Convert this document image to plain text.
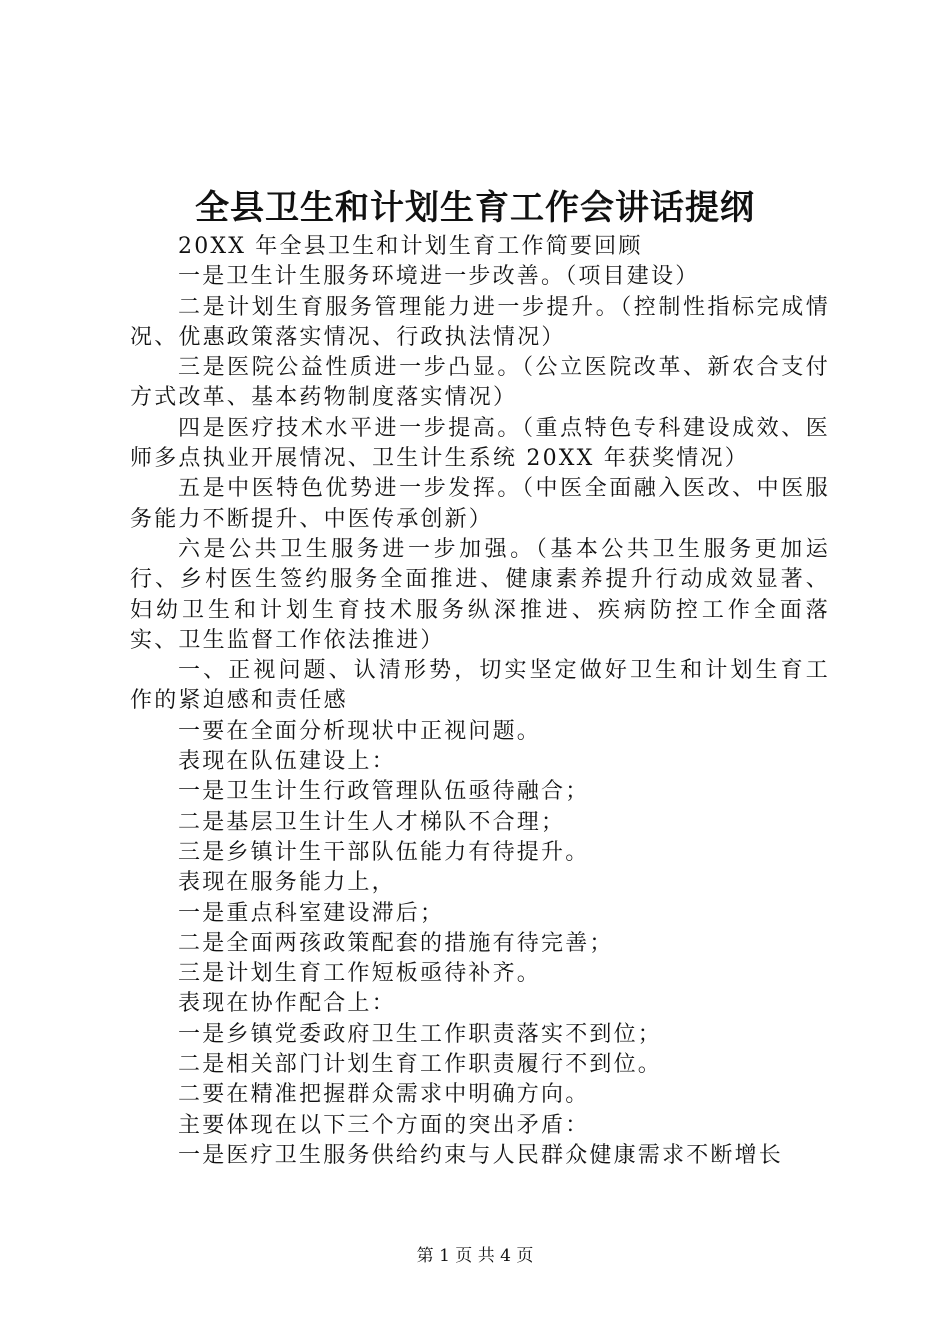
全县卫生和计划生育工作会讲话提纲

20XX 年全县卫生和计划生育工作简要回顾

一是卫生计生服务环境进一步改善。（项目建设）

二是计划生育服务管理能力进一步提升。（控制性指标完成情况、优惠政策落实情况、行政执法情况）

三是医院公益性质进一步凸显。（公立医院改革、新农合支付方式改革、基本药物制度落实情况）

四是医疗技术水平进一步提高。（重点特色专科建设成效、医师多点执业开展情况、卫生计生系统 20XX 年获奖情况）

五是中医特色优势进一步发挥。（中医全面融入医改、中医服务能力不断提升、中医传承创新）

六是公共卫生服务进一步加强。（基本公共卫生服务更加运行、乡村医生签约服务全面推进、健康素养提升行动成效显著、妇幼卫生和计划生育技术服务纵深推进、疾病防控工作全面落实、卫生监督工作依法推进）

一、正视问题、认清形势，切实坚定做好卫生和计划生育工作的紧迫感和责任感

一要在全面分析现状中正视问题。

表现在队伍建设上：

一是卫生计生行政管理队伍亟待融合；

二是基层卫生计生人才梯队不合理；

三是乡镇计生干部队伍能力有待提升。

表现在服务能力上，

一是重点科室建设滞后；

二是全面两孩政策配套的措施有待完善；

三是计划生育工作短板亟待补齐。

表现在协作配合上：

一是乡镇党委政府卫生工作职责落实不到位；

二是相关部门计划生育工作职责履行不到位。

二要在精准把握群众需求中明确方向。

主要体现在以下三个方面的突出矛盾：

一是医疗卫生服务供给约束与人民群众健康需求不断增长

第 1 页 共 4 页
